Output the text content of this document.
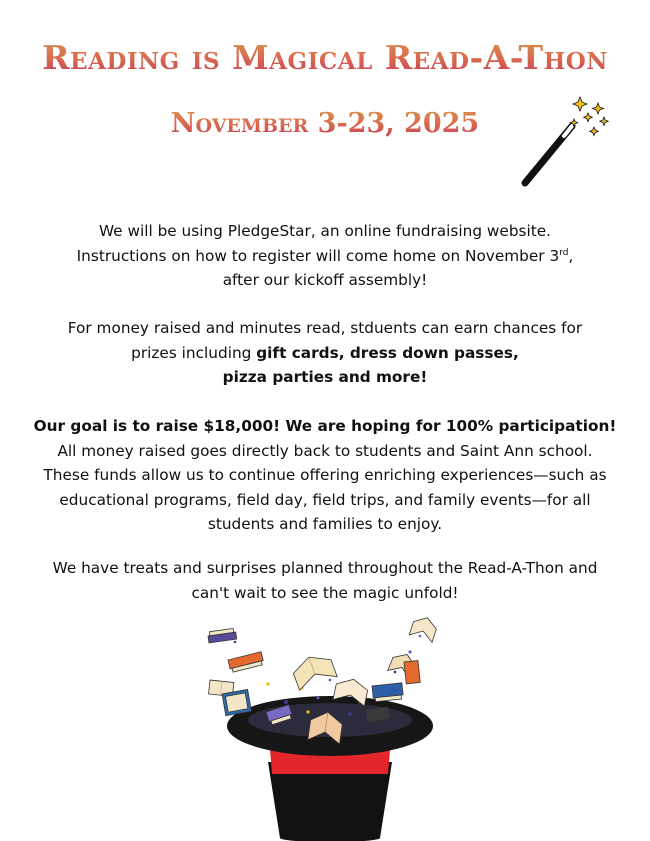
Reading is Magical Read-A-Thon
November 3-23, 2025
We will be using PledgeStar, an online fundraising website.
Instructions on how to register will come home on November 3rd,
after our kickoff assembly!
For money raised and minutes read, stduents can earn chances for
prizes including gift cards, dress down passes,
pizza parties and more!
Our goal is to raise $18,000! We are hoping for 100% participation!
All money raised goes directly back to students and Saint Ann school.
These funds allow us to continue offering enriching experiences—such as
educational programs, field day, field trips, and family events—for all
students and families to enjoy.
We have treats and surprises planned throughout the Read-A-Thon and
can't wait to see the magic unfold!
